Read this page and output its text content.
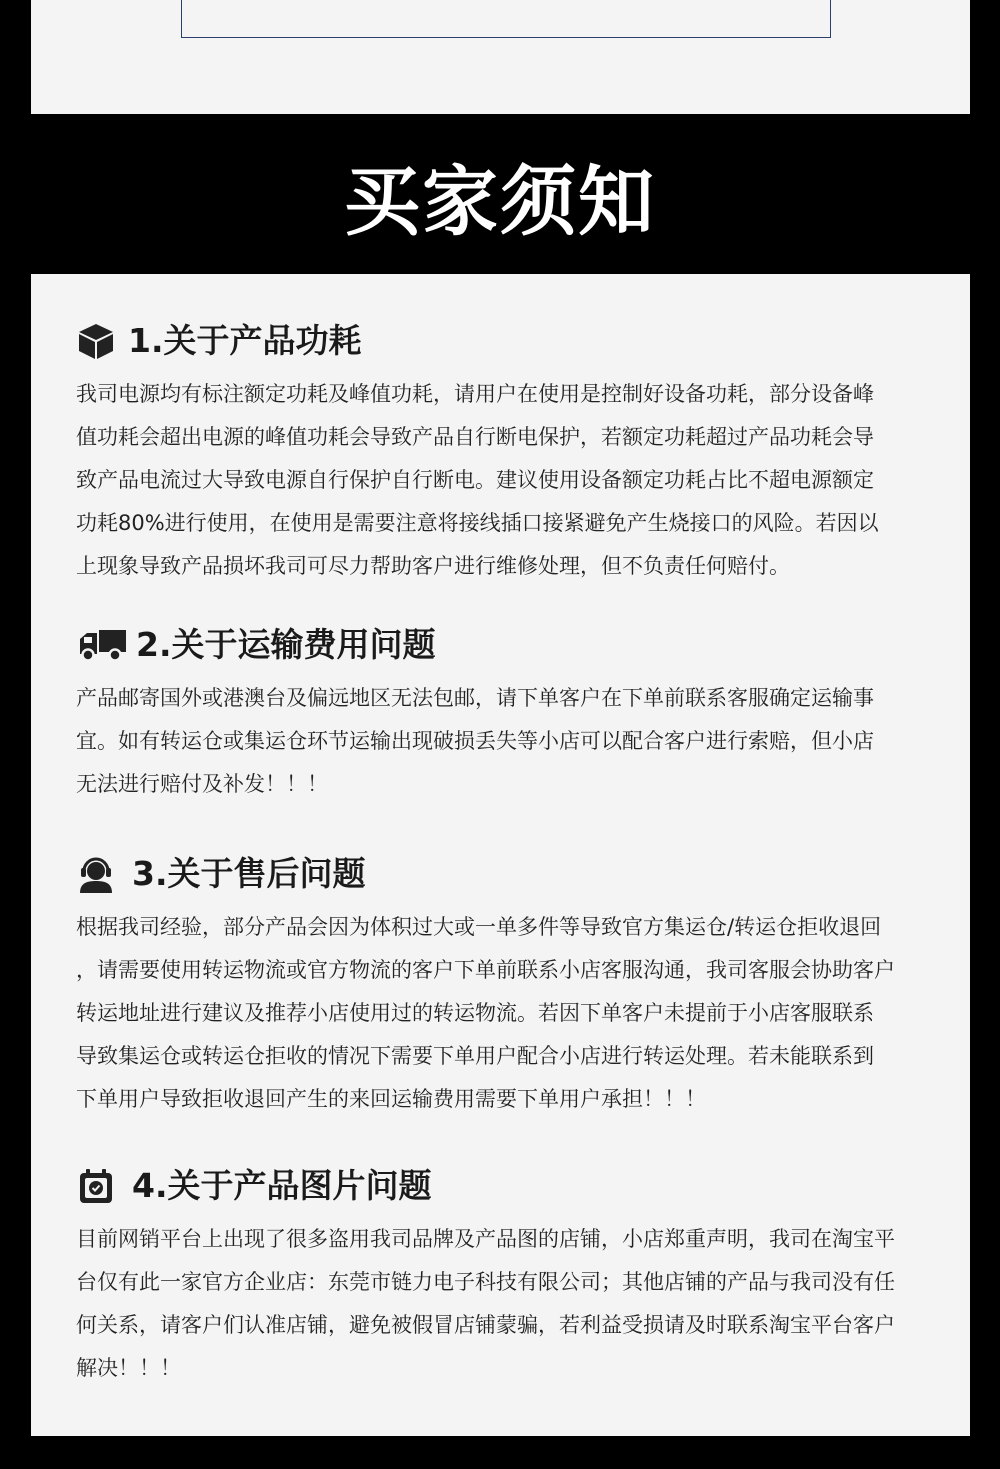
买家须知
1.关于产品功耗
我司电源均有标注额定功耗及峰值功耗，请用户在使用是控制好设备功耗，部分设备峰
值功耗会超出电源的峰值功耗会导致产品自行断电保护，若额定功耗超过产品功耗会导
致产品电流过大导致电源自行保护自行断电。建议使用设备额定功耗占比不超电源额定
功耗80%进行使用，在使用是需要注意将接线插口接紧避免产生烧接口的风险。若因以
上现象导致产品损坏我司可尽力帮助客户进行维修处理，但不负责任何赔付。
2.关于运输费用问题
产品邮寄国外或港澳台及偏远地区无法包邮，请下单客户在下单前联系客服确定运输事
宜。如有转运仓或集运仓环节运输出现破损丢失等小店可以配合客户进行索赔，但小店
无法进行赔付及补发！！！
3.关于售后问题
根据我司经验，部分产品会因为体积过大或一单多件等导致官方集运仓/转运仓拒收退回
，请需要使用转运物流或官方物流的客户下单前联系小店客服沟通，我司客服会协助客户
转运地址进行建议及推荐小店使用过的转运物流。若因下单客户未提前于小店客服联系
导致集运仓或转运仓拒收的情况下需要下单用户配合小店进行转运处理。若未能联系到
下单用户导致拒收退回产生的来回运输费用需要下单用户承担！！！
4.关于产品图片问题
目前网销平台上出现了很多盗用我司品牌及产品图的店铺，小店郑重声明，我司在淘宝平
台仅有此一家官方企业店：东莞市链力电子科技有限公司；其他店铺的产品与我司没有任
何关系，请客户们认准店铺，避免被假冒店铺蒙骗，若利益受损请及时联系淘宝平台客户
解决！！！
